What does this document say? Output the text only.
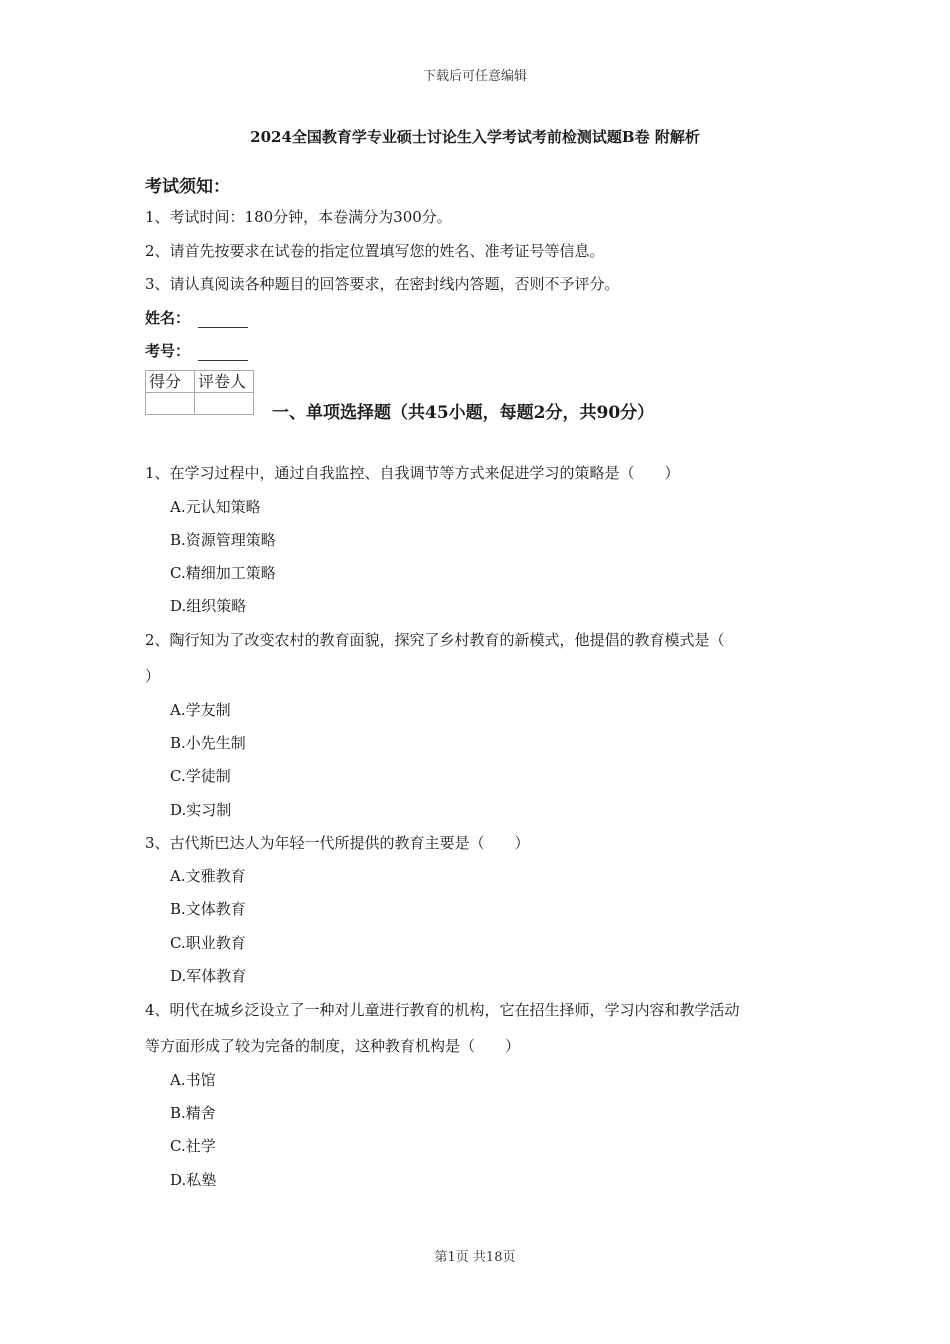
下载后可任意编辑
2024全国教育学专业硕士讨论生入学考试考前检测试题B卷 附解析
考试须知：
1、考试时间：180分钟，本卷满分为300分。
2、请首先按要求在试卷的指定位置填写您的姓名、准考证号等信息。
3、请认真阅读各种题目的回答要求，在密封线内答题，否则不予评分。
姓名：
考号：
得分	评卷人

一、单项选择题（共45小题，每题2分，共90分）
1、在学习过程中，通过自我监控、自我调节等方式来促进学习的策略是（　　）
A.元认知策略
B.资源管理策略
C.精细加工策略
D.组织策略
2、陶行知为了改变农村的教育面貌，探究了乡村教育的新模式，他提倡的教育模式是（
）
A.学友制
B.小先生制
C.学徒制
D.实习制
3、古代斯巴达人为年轻一代所提供的教育主要是（　　）
A.文雅教育
B.文体教育
C.职业教育
D.军体教育
4、明代在城乡泛设立了一种对儿童进行教育的机构，它在招生择师，学习内容和教学活动
等方面形成了较为完备的制度，这种教育机构是（　　）
A.书馆
B.精舍
C.社学
D.私塾
第1页 共18页
